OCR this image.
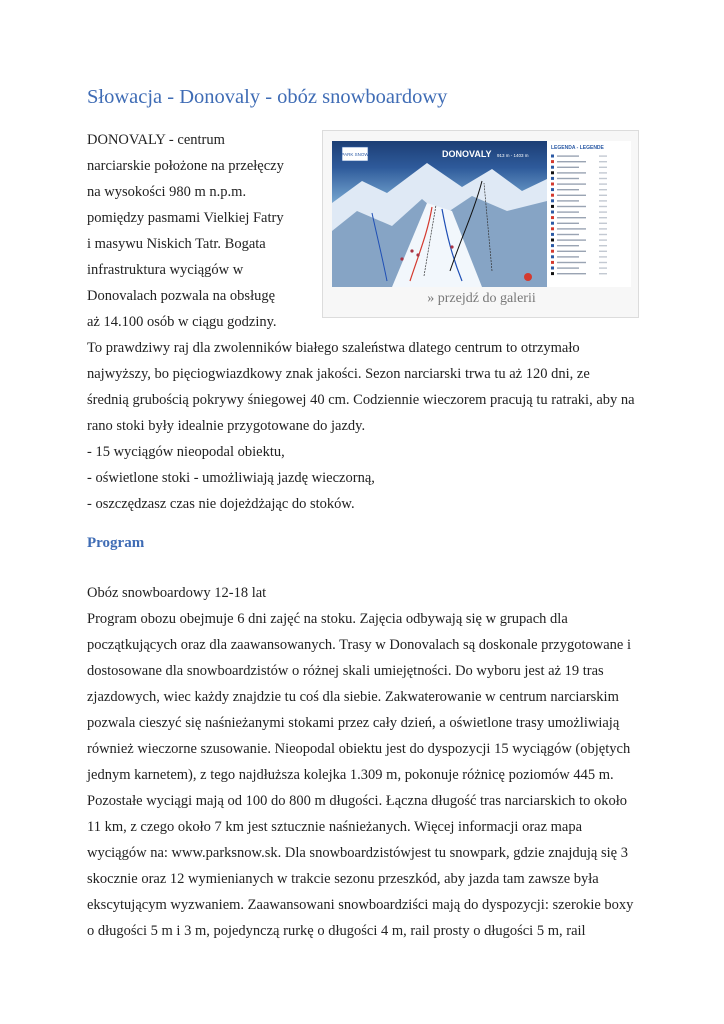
Słowacja - Donovaly - obóz snowboardowy
DONOVALY - centrum
narciarskie położone na przełęczy
na wysokości 980 m n.p.m.
pomiędzy pasmami Vielkiej Fatry
i masywu Niskich Tatr. Bogata
infrastruktura wyciągów w
Donovalach pozwala na obsługę
aż 14.100 osób w ciągu godziny.
PARK SNOW	DONOVALY 913 m - 1403 m
LEGENDA - LEGENDE
» przejdź do galerii
To prawdziwy raj dla zwolenników białego szaleństwa dlatego centrum to otrzymało
najwyższy, bo pięciogwiazdkowy znak jakości. Sezon narciarski trwa tu aż 120 dni, ze
średnią grubością pokrywy śniegowej 40 cm. Codziennie wieczorem pracują tu ratraki, aby na
rano stoki były idealnie przygotowane do jazdy.
- 15 wyciągów nieopodal obiektu,
- oświetlone stoki - umożliwiają jazdę wieczorną,
- oszczędzasz czas nie dojeżdżając do stoków.
Program
Obóz snowboardowy 12-18 lat
Program obozu obejmuje 6 dni zajęć na stoku. Zajęcia odbywają się w grupach dla
początkujących oraz dla zaawansowanych. Trasy w Donovalach są doskonale przygotowane i
dostosowane dla snowboardzistów o różnej skali umiejętności. Do wyboru jest aż 19 tras
zjazdowych, wiec każdy znajdzie tu coś dla siebie. Zakwaterowanie w centrum narciarskim
pozwala cieszyć się naśnieżanymi stokami przez cały dzień, a oświetlone trasy umożliwiają
również wieczorne szusowanie. Nieopodal obiektu jest do dyspozycji 15 wyciągów (objętych
jednym karnetem), z tego najdłuższa kolejka 1.309 m, pokonuje różnicę poziomów 445 m.
Pozostałe wyciągi mają od 100 do 800 m długości. Łączna długość tras narciarskich to około
11 km, z czego około 7 km jest sztucznie naśnieżanych. Więcej informacji oraz mapa
wyciągów na: www.parksnow.sk. Dla snowboardzistówjest tu snowpark, gdzie znajdują się 3
skocznie oraz 12 wymienianych w trakcie sezonu przeszkód, aby jazda tam zawsze była
ekscytującym wyzwaniem. Zaawansowani snowboardziści mają do dyspozycji: szerokie boxy
o długości 5 m i 3 m, pojedynczą rurkę o długości 4 m, rail prosty o długości 5 m, rail
